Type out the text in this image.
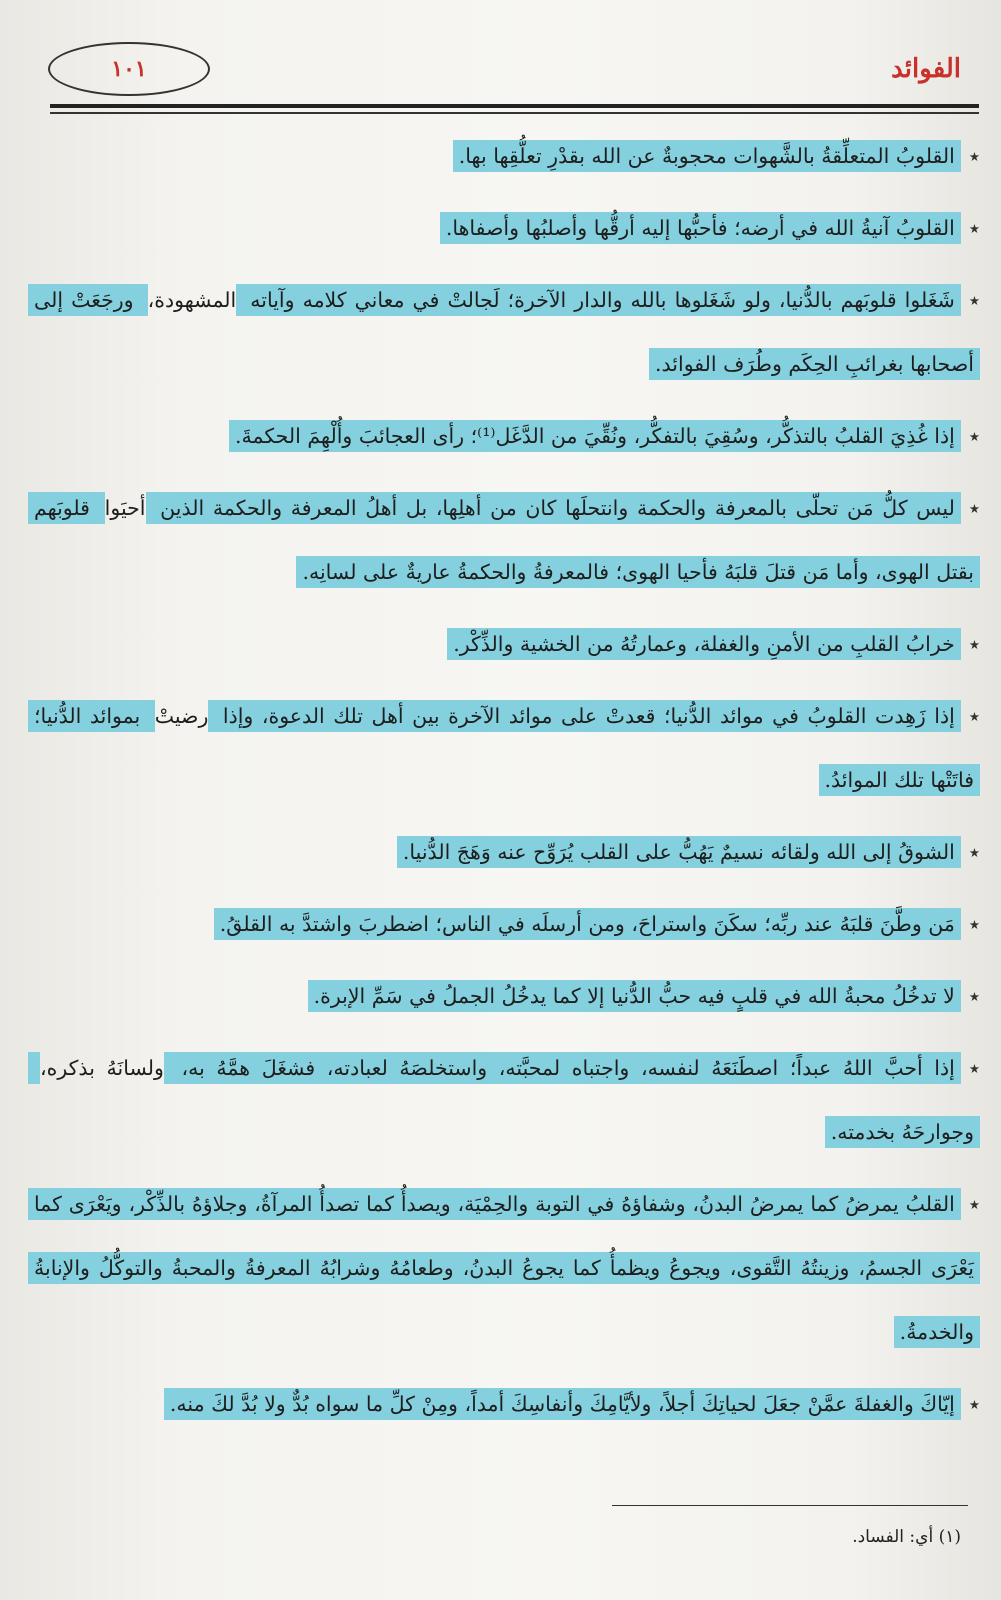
الفوائد
١٠١
٭القلوبُ المتعلِّقةُ بالشَّهوات محجوبةٌ عن الله بقدْرِ تعلُّقِها بها.
٭القلوبُ آنيةُ الله في أرضه؛ فأحبُّها إليه أرقُّها وأصلبُها وأصفاها.
٭شَغَلوا قلوبَهم بالدُّنيا، ولو شَغَلوها بالله والدار الآخرة؛ لَجالتْ في معاني كلامه وآياته المشهودة، ورجَعَتْ إلى أصحابها بغرائبِ الحِكَم وطُرَف الفوائد.
٭إذا غُذِيَ القلبُ بالتذكُّر، وسُقِيَ بالتفكُّر، ونُقِّيَ من الدَّغَل⁽¹⁾؛ رأى العجائبَ وأُلْهِمَ الحكمةَ.
٭ليس كلُّ مَن تحلّى بالمعرفة والحكمة وانتحلَها كان من أهلِها، بل أهلُ المعرفة والحكمة الذين أحيَوا قلوبَهم بقتل الهوى، وأما مَن قتلَ قلبَهُ فأحيا الهوى؛ فالمعرفةُ والحكمةُ عاريةٌ على لسانِه.
٭خرابُ القلبِ من الأمنِ والغفلة، وعمارتُهُ من الخشية والذِّكْر.
٭إذا زَهِدت القلوبُ في موائد الدُّنيا؛ قعدتْ على موائد الآخرة بين أهل تلك الدعوة، وإذا رضيتْ بموائد الدُّنيا؛ فاتَتْها تلك الموائدُ.
٭الشوقُ إلى الله ولقائه نسيمٌ يَهُبُّ على القلب يُرَوِّح عنه وَهَجَ الدُّنيا.
٭مَن وطَّنَ قلبَهُ عند ربِّه؛ سكَنَ واستراحَ، ومن أرسلَه في الناس؛ اضطربَ واشتدَّ به القلقُ.
٭لا تدخُلُ محبةُ الله في قلبٍ فيه حبُّ الدُّنيا إلا كما يدخُلُ الجملُ في سَمِّ الإبرة.
٭إذا أحبَّ اللهُ عبداً؛ اصطَنَعَهُ لنفسه، واجتباه لمحبَّته، واستخلصَهُ لعبادته، فشغَلَ همَّهُ به، ولسانَهُ بذكره، وجوارحَهُ بخدمته.
٭القلبُ يمرضُ كما يمرضُ البدنُ، وشفاؤهُ في التوبة والحِمْيَة، ويصدأُ كما تصدأُ المرآةُ، وجلاؤهُ بالذِّكْر، ويَعْرَى كما يَعْرَى الجسمُ، وزينتُهُ التَّقوى، ويجوعُ ويظمأُ كما يجوعُ البدنُ، وطعامُهُ وشرابُهُ المعرفةُ والمحبةُ والتوكُّلُ والإنابةُ والخدمةُ.
٭إيّاكَ والغفلةَ عمَّنْ جعَلَ لحياتِكَ أجلاً، ولأيَّامِكَ وأنفاسِكَ أمداً، ومِنْ كلِّ ما سواه بُدٌّ ولا بُدَّ لكَ منه.
(١) أي: الفساد.
